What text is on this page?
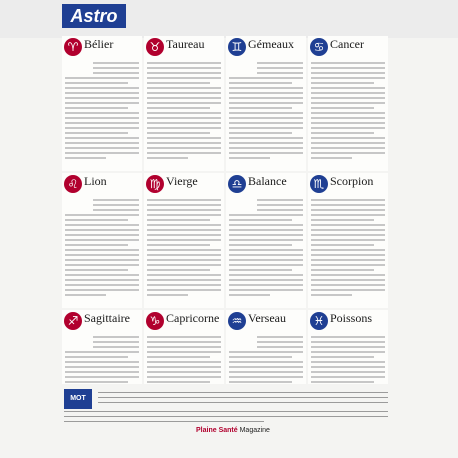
Astro
♈ Bélier	♉ Taureau	♊ Gémeaux	♋ Cancer
♌ Lion	♍ Vierge	♎ Balance	♏ Scorpion
♐ Sagittaire	♑ Capricorne	♒ Verseau	♓ Poissons
MOT
Plaine Santé Magazine
